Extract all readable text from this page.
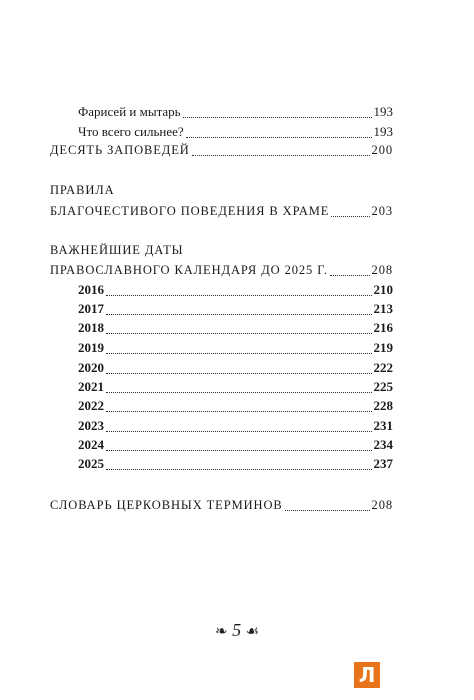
Фарисей и мытарь	193
Что всего сильнее?	193
ДЕСЯТЬ ЗАПОВЕДЕЙ	200
ПРАВИЛА
БЛАГОЧЕСТИВОГО ПОВЕДЕНИЯ В ХРАМЕ	203
ВАЖНЕЙШИЕ ДАТЫ
ПРАВОСЛАВНОГО КАЛЕНДАРЯ ДО 2025 Г.	208
2016	210
2017	213
2018	216
2019	219
2020	222
2021	225
2022	228
2023	231
2024	234
2025	237
СЛОВАРЬ ЦЕРКОВНЫХ ТЕРМИНОВ	208
❧ 5 ☙
Л
